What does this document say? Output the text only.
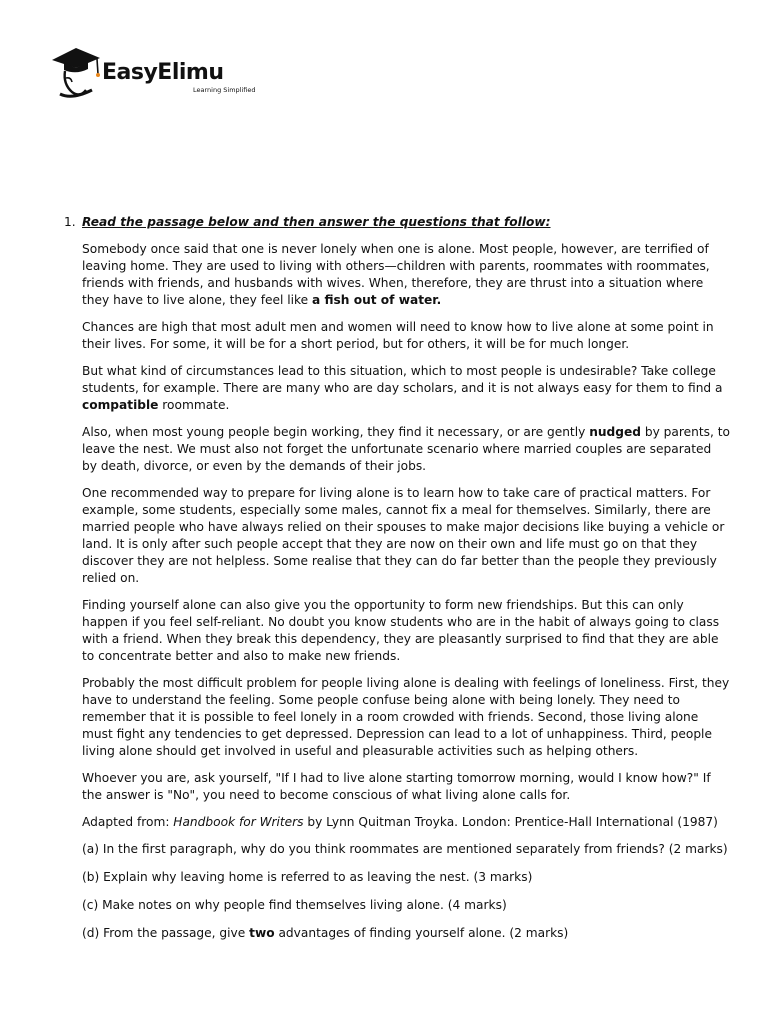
EasyElimu
Learning Simplified
1. Read the passage below and then answer the questions that follow:

Somebody once said that one is never lonely when one is alone. Most people, however, are terrified of leaving home. They are used to living with others—children with parents, roommates with roommates, friends with friends, and husbands with wives. When, therefore, they are thrust into a situation where they have to live alone, they feel like a fish out of water.

Chances are high that most adult men and women will need to know how to live alone at some point in their lives. For some, it will be for a short period, but for others, it will be for much longer.

But what kind of circumstances lead to this situation, which to most people is undesirable? Take college students, for example. There are many who are day scholars, and it is not always easy for them to find a compatible roommate.

Also, when most young people begin working, they find it necessary, or are gently nudged by parents, to leave the nest. We must also not forget the unfortunate scenario where married couples are separated by death, divorce, or even by the demands of their jobs.

One recommended way to prepare for living alone is to learn how to take care of practical matters. For example, some students, especially some males, cannot fix a meal for themselves. Similarly, there are married people who have always relied on their spouses to make major decisions like buying a vehicle or land. It is only after such people accept that they are now on their own and life must go on that they discover they are not helpless. Some realise that they can do far better than the people they previously relied on.

Finding yourself alone can also give you the opportunity to form new friendships. But this can only happen if you feel self-reliant. No doubt you know students who are in the habit of always going to class with a friend. When they break this dependency, they are pleasantly surprised to find that they are able to concentrate better and also to make new friends.

Probably the most difficult problem for people living alone is dealing with feelings of loneliness. First, they have to understand the feeling. Some people confuse being alone with being lonely. They need to remember that it is possible to feel lonely in a room crowded with friends. Second, those living alone must fight any tendencies to get depressed. Depression can lead to a lot of unhappiness. Third, people living alone should get involved in useful and pleasurable activities such as helping others.

Whoever you are, ask yourself, "If I had to live alone starting tomorrow morning, would I know how?" If the answer is "No", you need to become conscious of what living alone calls for.

Adapted from: Handbook for Writers by Lynn Quitman Troyka. London: Prentice-Hall International (1987)

(a) In the first paragraph, why do you think roommates are mentioned separately from friends? (2 marks)

(b) Explain why leaving home is referred to as leaving the nest. (3 marks)

(c) Make notes on why people find themselves living alone. (4 marks)

(d) From the passage, give two advantages of finding yourself alone. (2 marks)
